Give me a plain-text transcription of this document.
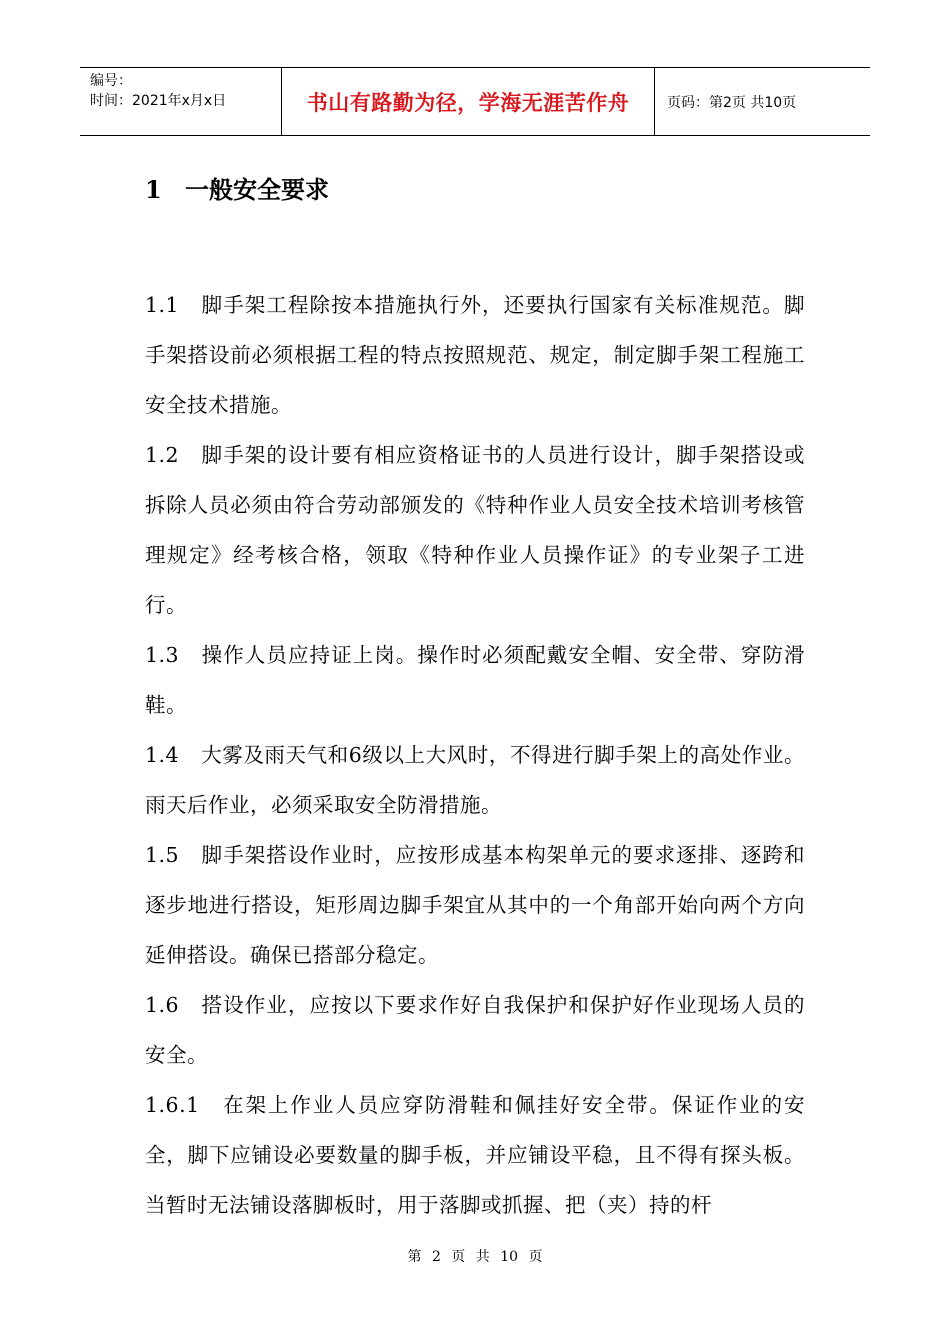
编号：
时间：2021年x月x日	书山有路勤为径，学海无涯苦作舟	页码：第2页 共10页
1 一般安全要求

1.1 脚手架工程除按本措施执行外，还要执行国家有关标准规范。脚手架搭设前必须根据工程的特点按照规范、规定，制定脚手架工程施工安全技术措施。

1.2 脚手架的设计要有相应资格证书的人员进行设计，脚手架搭设或拆除人员必须由符合劳动部颁发的《特种作业人员安全技术培训考核管理规定》经考核合格，领取《特种作业人员操作证》的专业架子工进行。

1.3 操作人员应持证上岗。操作时必须配戴安全帽、安全带、穿防滑鞋。

1.4 大雾及雨天气和6级以上大风时，不得进行脚手架上的高处作业。雨天后作业，必须采取安全防滑措施。

1.5 脚手架搭设作业时，应按形成基本构架单元的要求逐排、逐跨和逐步地进行搭设，矩形周边脚手架宜从其中的一个角部开始向两个方向延伸搭设。确保已搭部分稳定。

1.6 搭设作业，应按以下要求作好自我保护和保护好作业现场人员的安全。

1.6.1 在架上作业人员应穿防滑鞋和佩挂好安全带。保证作业的安全，脚下应铺设必要数量的脚手板，并应铺设平稳，且不得有探头板。当暂时无法铺设落脚板时，用于落脚或抓握、把（夹）持的杆

第 2 页 共 10 页
